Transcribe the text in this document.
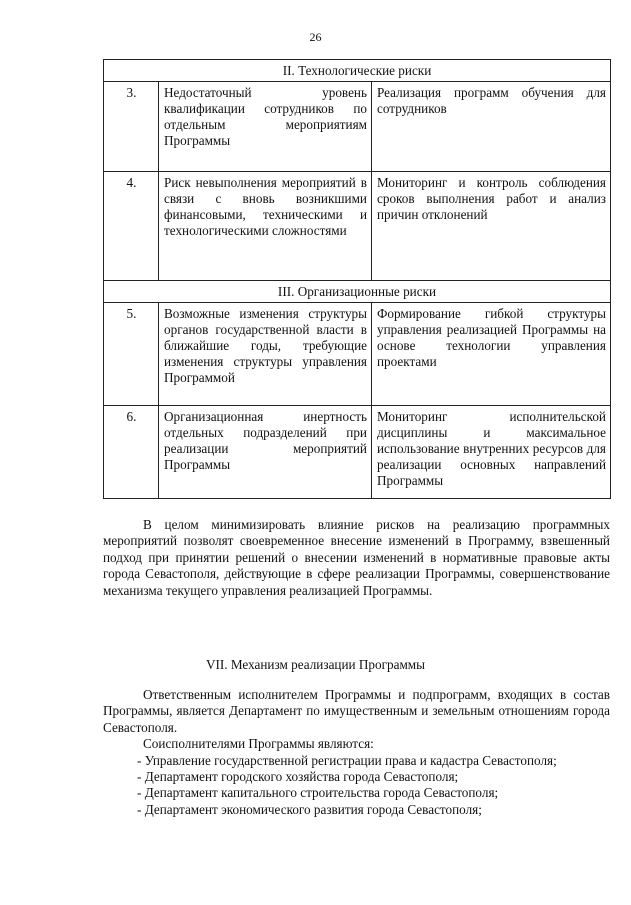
26
II. Технологические риски		
3.	Недостаточный уровень квалификации сотрудников по отдельным мероприятиям Программы	Реализация программ обучения для сотрудников
4.	Риск невыполнения мероприятий в связи с вновь возникшими финансовыми, техническими и технологическими сложностями	Мониторинг и контроль соблюдения сроков выполнения работ и анализ причин отклонений
III. Организационные риски		
5.	Возможные изменения структуры органов государственной власти в ближайшие годы, требующие изменения структуры управления Программой	Формирование гибкой структуры управления реализацией Программы на основе технологии управления проектами
6.	Организационная инертность отдельных подразделений при реализации мероприятий Программы	Мониторинг исполнительской дисциплины и максимальное использование внутренних ресурсов для реализации основных направлений Программы

В целом минимизировать влияние рисков на реализацию программных мероприятий позволят своевременное внесение изменений в Программу, взвешенный подход при принятии решений о внесении изменений в нормативные правовые акты города Севастополя, действующие в сфере реализации Программы, совершенствование механизма текущего управления реализацией Программы.

VII. Механизм реализации Программы

Ответственным исполнителем Программы и подпрограмм, входящих в состав Программы, является Департамент по имущественным и земельным отношениям города Севастополя.

Соисполнителями Программы являются:

- Управление государственной регистрации права и кадастра Севастополя;

- Департамент городского хозяйства города Севастополя;

- Департамент капитального строительства города Севастополя;

- Департамент экономического развития города Севастополя;
